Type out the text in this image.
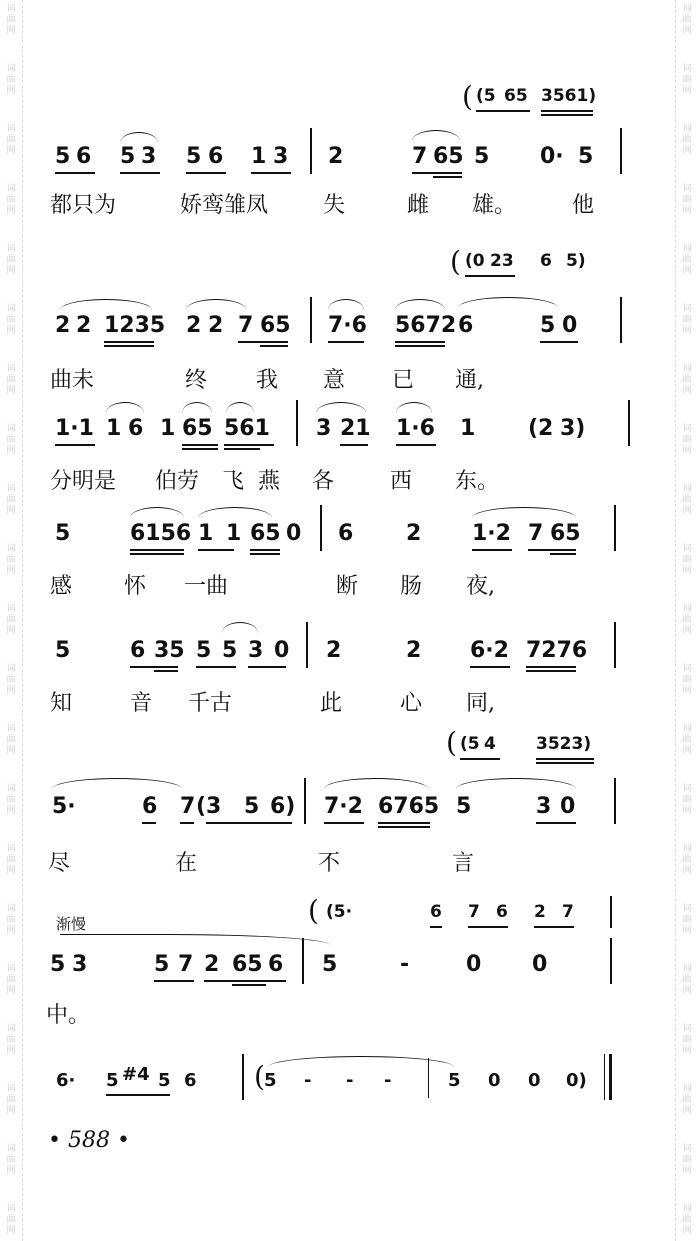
词
曲
网
词
曲
网
词
曲
网
词
曲
网
词
曲
网
词
曲
网
词
曲
网
词
曲
网
词
曲
网
词
曲
网
词
曲
网
词
曲
网
词
曲
网
词
曲
网
词
曲
网
词
曲
网
词
曲
网
词
曲
网
词
曲
网
词
曲
网
词
曲
网
词
曲
网
词
曲
网
词
曲
网
词
曲
网
词
曲
网
词
曲
网
词
曲
网
词
曲
网
词
曲
网
词
曲
网
词
曲
网
词
曲
网
词
曲
网
词
曲
网
词
曲
网
词
曲
网
词
曲
网
词
曲
网
词
曲
网
词
曲
网
词
曲
网
( (5 65 3561)
5 6 5 3 5 6 1 3 2	7 65 5 0· 5
都只为	娇鸾雏凤 失	雌 雄。	他
( (0 23 6 5)
2 2 1235 2 2 7 65 7·6 5672 6	5 0
曲未	终 我 意 已 通,
1·1 1 6 1 65 561 3 21 1·6 1 (2 3)
分明是 伯劳 飞 燕 各	西 东。
5	6156 1 1 65 0 6 2 1·2 7 65
感 怀 一曲	断 肠 夜,
5	6 35 5 5 3 0 2	2 6·2 7276
知	音 千古	此	心 同,
( (5 4 3523)
5·	6 7 (3 5 6) 7·2 6765 5	3 0
尽	在	不	言
渐慢	( (5·	6 7 6 2 7
5 3	5 7 2 65 6 5	-	0 0
中。
6· 5 #4 5 6 ( 5 - - -	5 0 0 0)
• 588 •
